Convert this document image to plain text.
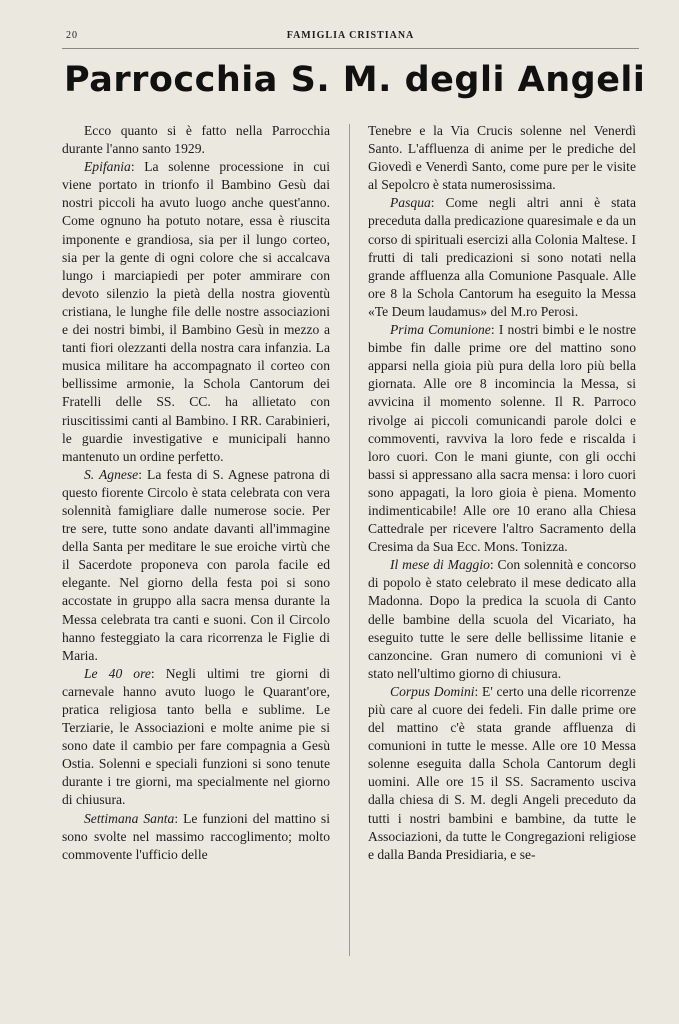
20	FAMIGLIA CRISTIANA
Parrocchia S. M. degli Angeli

Ecco quanto si è fatto nella Parrocchia durante l'anno santo 1929.

Epifania: La solenne processione in cui viene portato in trionfo il Bambino Gesù dai nostri piccoli ha avuto luogo anche quest'anno. Come ognuno ha potuto notare, essa è riuscita imponente e grandiosa, sia per il lungo corteo, sia per la gente di ogni colore che si accalcava lungo i marciapiedi per poter ammirare con devoto silenzio la pietà della nostra gioventù cristiana, le lunghe file delle nostre associazioni e dei nostri bimbi, il Bambino Gesù in mezzo a tanti fiori olezzanti della nostra cara infanzia. La musica militare ha accompagnato il corteo con bellissime armonie, la Schola Cantorum dei Fratelli delle SS. CC. ha allietato con riuscitissimi canti al Bambino. I RR. Carabinieri, le guardie investigative e municipali hanno mantenuto un ordine perfetto.

S. Agnese: La festa di S. Agnese patrona di questo fiorente Circolo è stata celebrata con vera solennità famigliare dalle numerose socie. Per tre sere, tutte sono andate davanti all'immagine della Santa per meditare le sue eroiche virtù che il Sacerdote proponeva con parola facile ed elegante. Nel giorno della festa poi si sono accostate in gruppo alla sacra mensa durante la Messa celebrata tra canti e suoni. Con il Circolo hanno festeggiato la cara ricorrenza le Figlie di Maria.

Le 40 ore: Negli ultimi tre giorni di carnevale hanno avuto luogo le Quarant'ore, pratica religiosa tanto bella e sublime. Le Terziarie, le Associazioni e molte anime pie si sono date il cambio per fare compagnia a Gesù Ostia. Solenni e speciali funzioni si sono tenute durante i tre giorni, ma specialmente nel giorno di chiusura.

Settimana Santa: Le funzioni del mattino si sono svolte nel massimo raccoglimento; molto commovente l'ufficio delle

Tenebre e la Via Crucis solenne nel Venerdì Santo. L'affluenza di anime per le prediche del Giovedì e Venerdì Santo, come pure per le visite al Sepolcro è stata numerosissima.

Pasqua: Come negli altri anni è stata preceduta dalla predicazione quaresimale e da un corso di spirituali esercizi alla Colonia Maltese. I frutti di tali predicazioni si sono notati nella grande affluenza alla Comunione Pasquale. Alle ore 8 la Schola Cantorum ha eseguito la Messa «Te Deum laudamus» del M.ro Perosi.

Prima Comunione: I nostri bimbi e le nostre bimbe fin dalle prime ore del mattino sono apparsi nella gioia più pura della loro più bella giornata. Alle ore 8 incomincia la Messa, si avvicina il momento solenne. Il R. Parroco rivolge ai piccoli comunicandi parole dolci e commoventi, ravviva la loro fede e riscalda i loro cuori. Con le mani giunte, con gli occhi bassi si appressano alla sacra mensa: i loro cuori sono appagati, la loro gioia è piena. Momento indimenticabile! Alle ore 10 erano alla Chiesa Cattedrale per ricevere l'altro Sacramento della Cresima da Sua Ecc. Mons. Tonizza.

Il mese di Maggio: Con solennità e concorso di popolo è stato celebrato il mese dedicato alla Madonna. Dopo la predica la scuola di Canto delle bambine della scuola del Vicariato, ha eseguito tutte le sere delle bellissime litanie e canzoncine. Gran numero di comunioni vi è stato nell'ultimo giorno di chiusura.

Corpus Domini: E' certo una delle ricorrenze più care al cuore dei fedeli. Fin dalle prime ore del mattino c'è stata grande affluenza di comunioni in tutte le messe. Alle ore 10 Messa solenne eseguita dalla Schola Cantorum degli uomini. Alle ore 15 il SS. Sacramento usciva dalla chiesa di S. M. degli Angeli preceduto da tutti i nostri bambini e bambine, da tutte le Associazioni, da tutte le Congregazioni religiose e dalla Banda Presidiaria, e se-
